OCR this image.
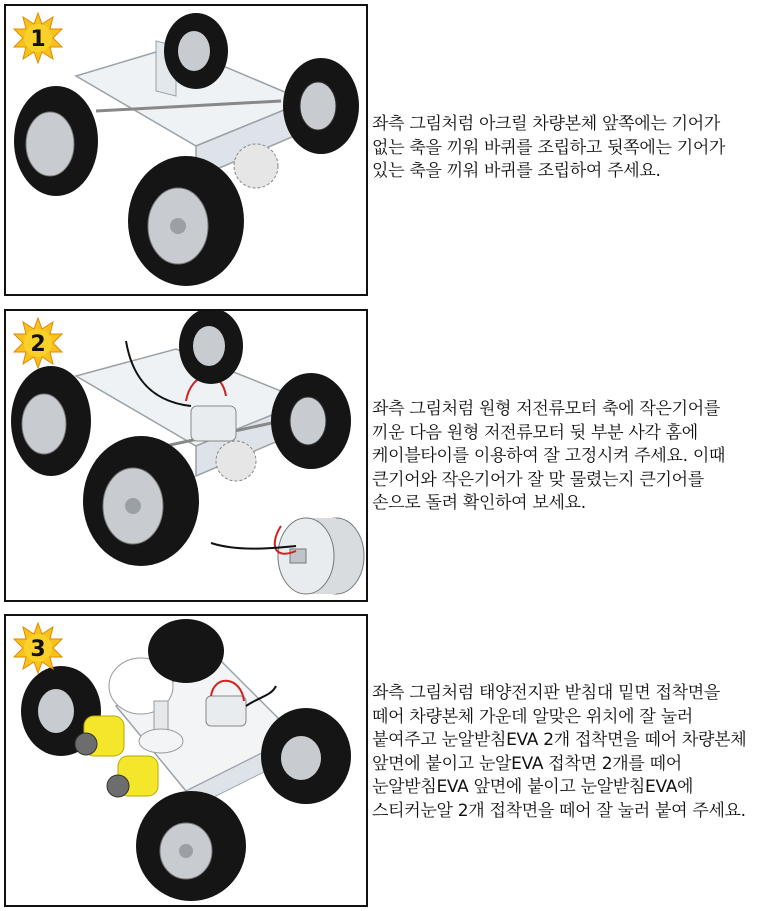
1
좌측 그림처럼 아크릴 차량본체 앞쪽에는 기어가 없는 축을 끼워 바퀴를 조립하고 뒷쪽에는 기어가 있는 축을 끼워 바퀴를 조립하여 주세요.
2
좌측 그림처럼 원형 저전류모터 축에 작은기어를 끼운 다음 원형 저전류모터 뒷 부분 사각 홈에 케이블타이를 이용하여 잘 고정시켜 주세요. 이때 큰기어와 작은기어가 잘 맞 물렸는지 큰기어를 손으로 돌려 확인하여 보세요.
3
좌측 그림처럼 태양전지판 받침대 밑면 접착면을 떼어 차량본체 가운데 알맞은 위치에 잘 눌러 붙여주고 눈알받침EVA 2개 접착면을 떼어 차량본체 앞면에 붙이고 눈알EVA 접착면 2개를 떼어 눈알받침EVA 앞면에 붙이고 눈알받침EVA에 스티커눈알 2개 접착면을 떼어 잘 눌러 붙여 주세요.
